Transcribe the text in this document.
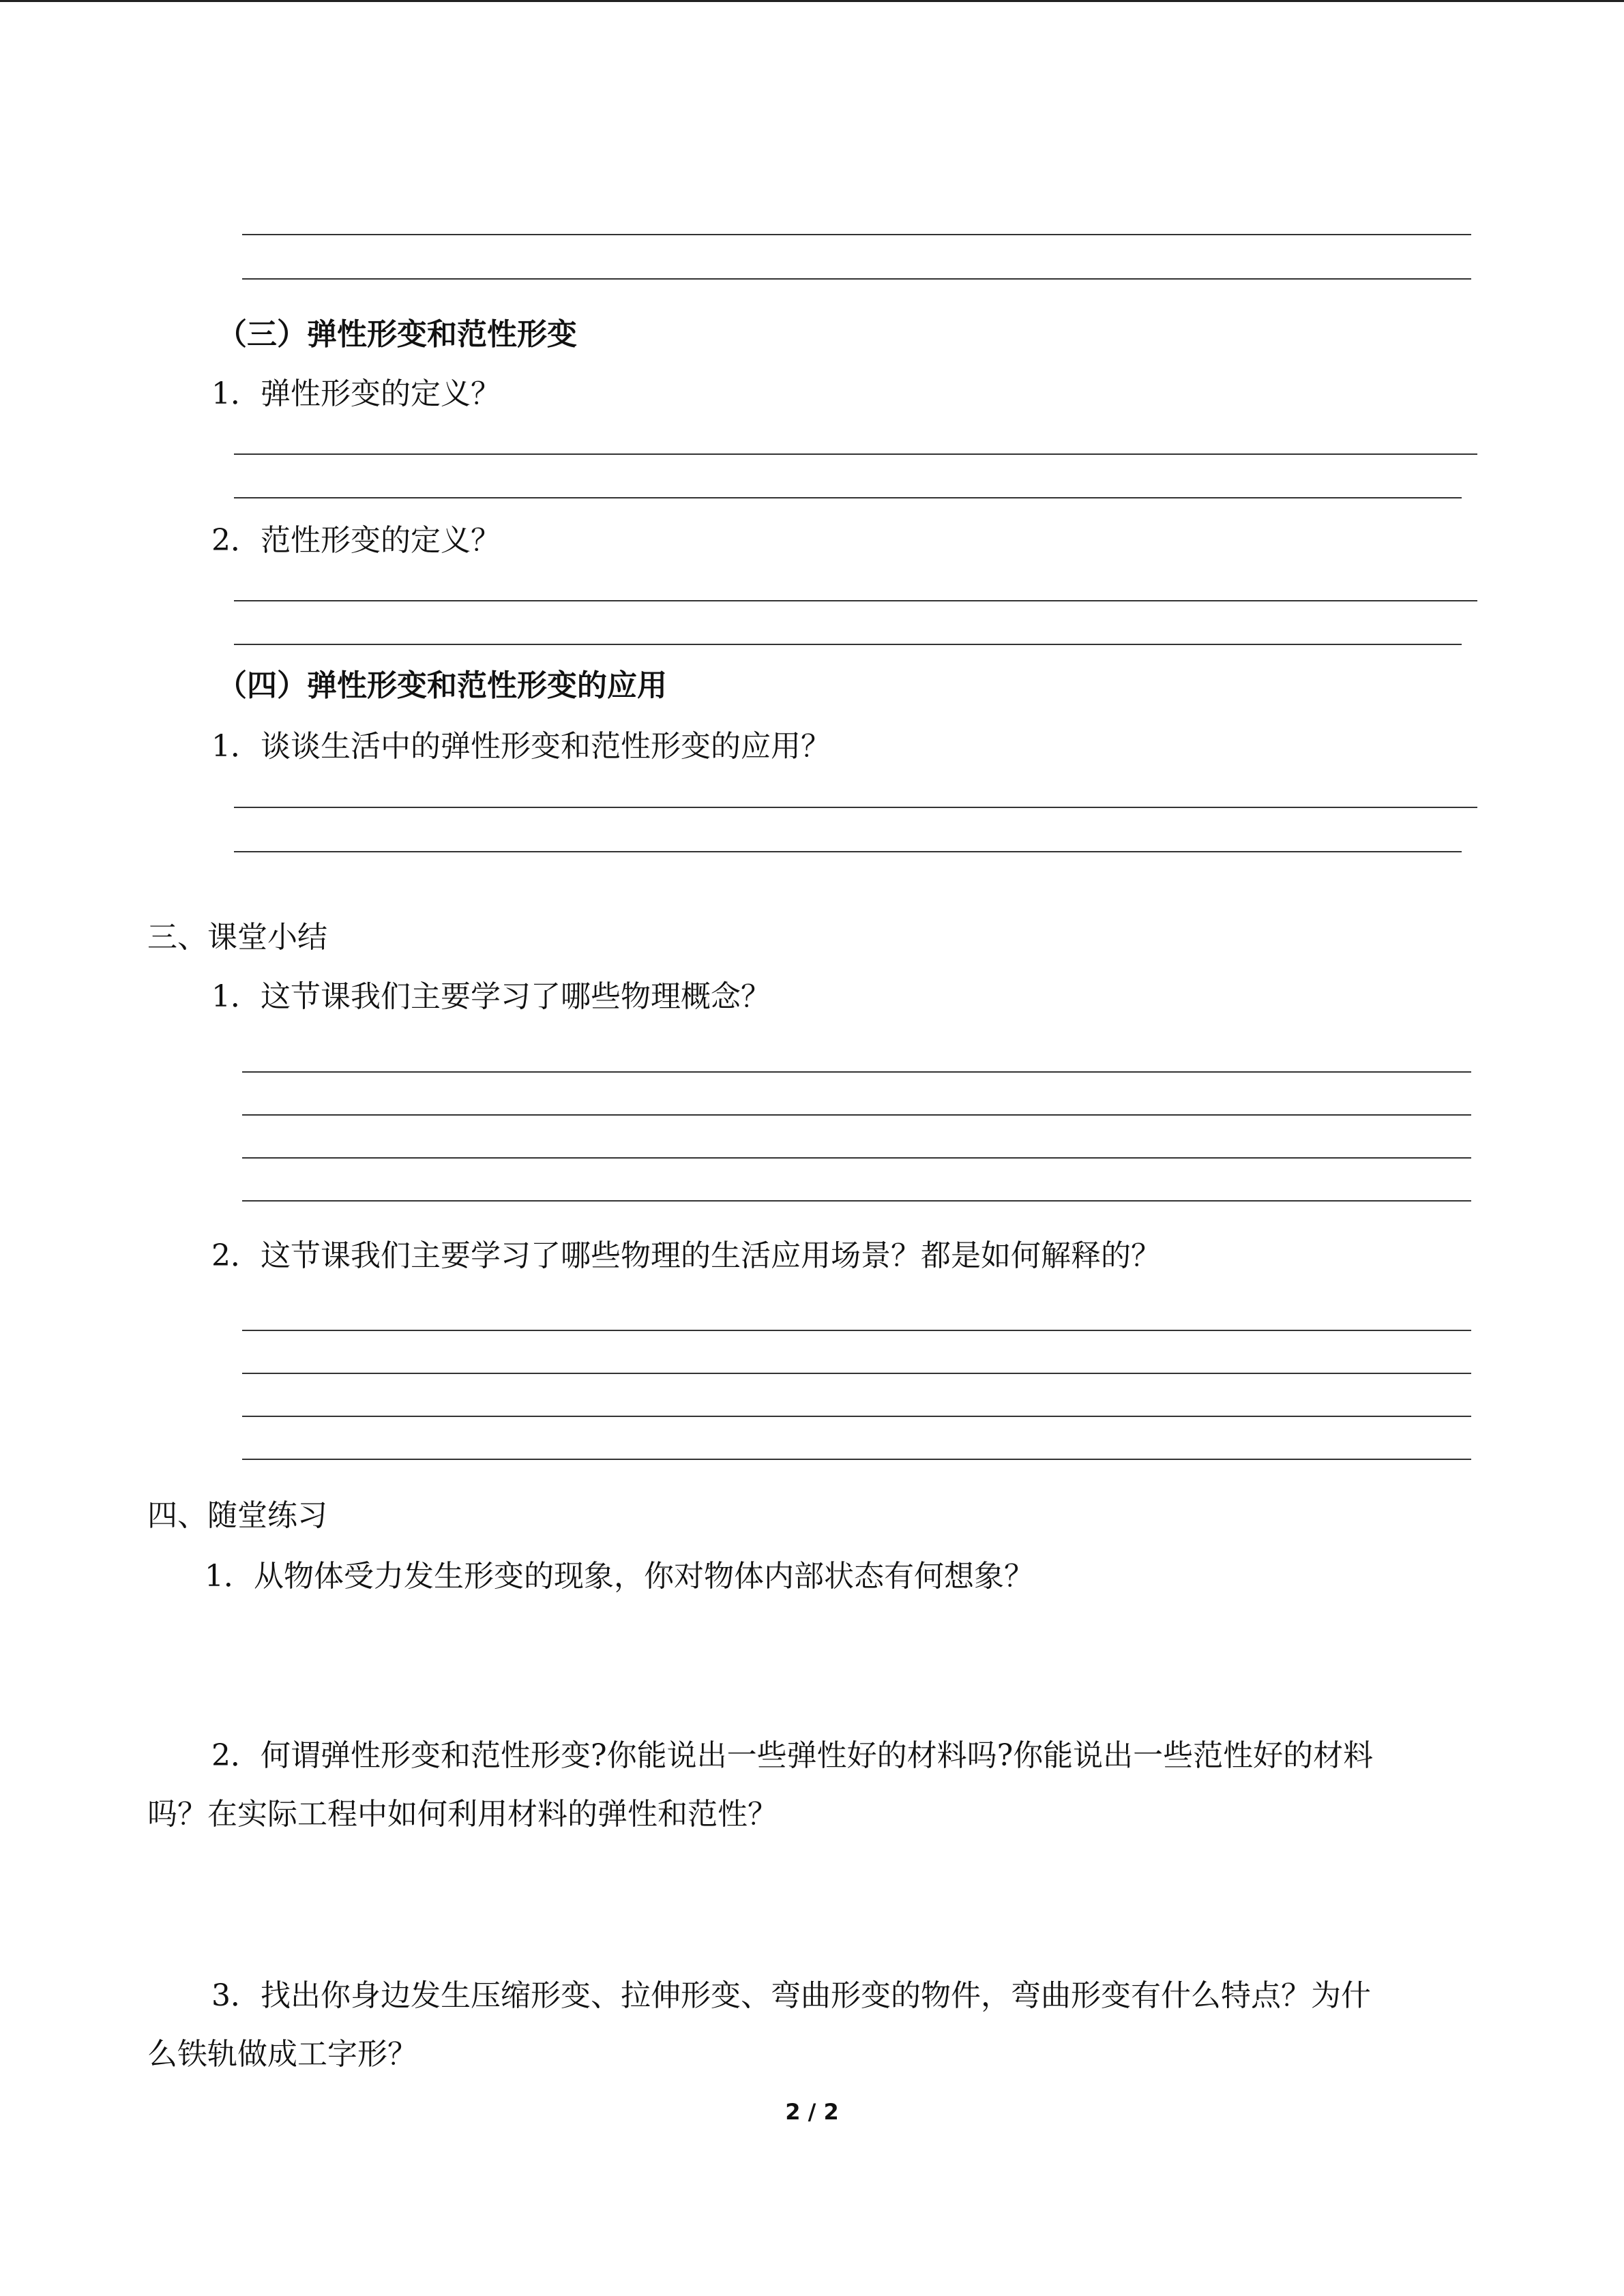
（三）弹性形变和范性形变
1．弹性形变的定义？
2．范性形变的定义？
（四）弹性形变和范性形变的应用
1．谈谈生活中的弹性形变和范性形变的应用？
三、课堂小结
1．这节课我们主要学习了哪些物理概念？
2．这节课我们主要学习了哪些物理的生活应用场景？都是如何解释的？
四、随堂练习
1．从物体受力发生形变的现象，你对物体内部状态有何想象？
2．何谓弹性形变和范性形变?你能说出一些弹性好的材料吗?你能说出一些范性好的材料
吗？在实际工程中如何利用材料的弹性和范性？
3．找出你身边发生压缩形变、拉伸形变、弯曲形变的物件，弯曲形变有什么特点？为什
么铁轨做成工字形？
2 / 2
